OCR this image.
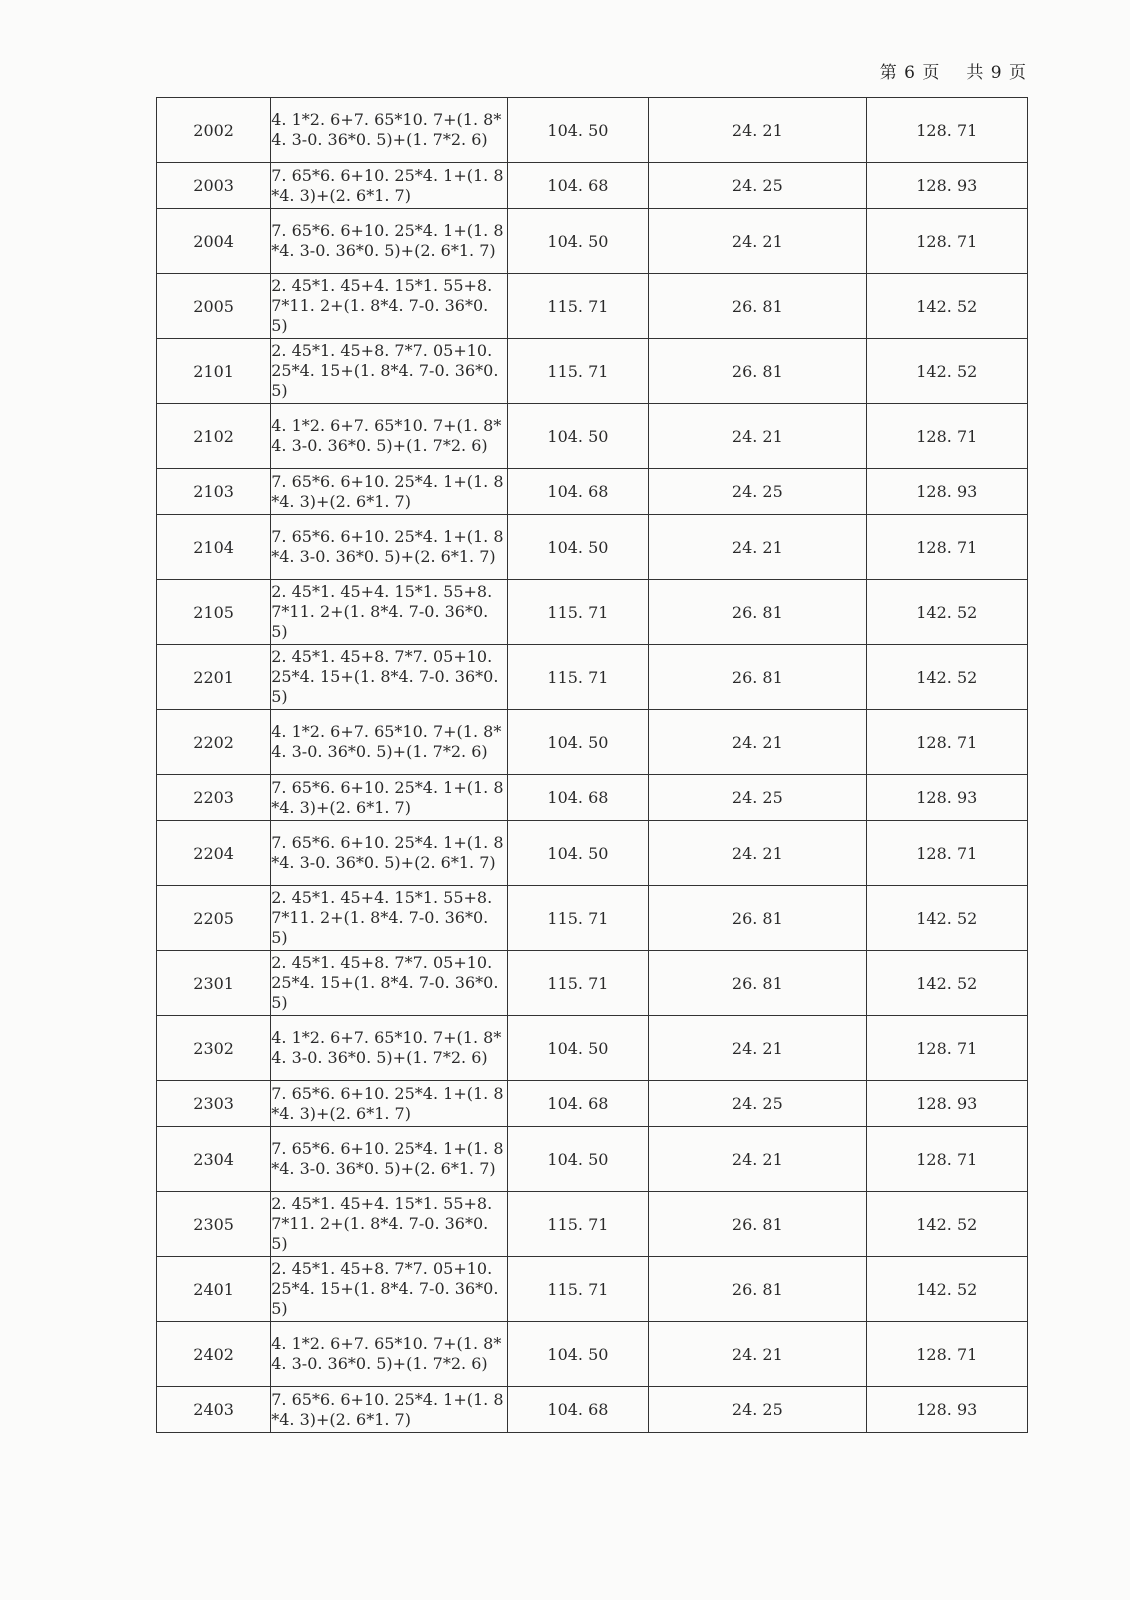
第 6 页 共 9 页
2002	4. 1*2. 6+7. 65*10. 7+(1. 8*4. 3-0. 36*0. 5)+(1. 7*2. 6)	104. 50	24. 21	128. 71
2003	7. 65*6. 6+10. 25*4. 1+(1. 8*4. 3)+(2. 6*1. 7)	104. 68	24. 25	128. 93
2004	7. 65*6. 6+10. 25*4. 1+(1. 8*4. 3-0. 36*0. 5)+(2. 6*1. 7)	104. 50	24. 21	128. 71
2005	2. 45*1. 45+4. 15*1. 55+8. 7*11. 2+(1. 8*4. 7-0. 36*0. 5)	115. 71	26. 81	142. 52
2101	2. 45*1. 45+8. 7*7. 05+10. 25*4. 15+(1. 8*4. 7-0. 36*0. 5)	115. 71	26. 81	142. 52
2102	4. 1*2. 6+7. 65*10. 7+(1. 8*4. 3-0. 36*0. 5)+(1. 7*2. 6)	104. 50	24. 21	128. 71
2103	7. 65*6. 6+10. 25*4. 1+(1. 8*4. 3)+(2. 6*1. 7)	104. 68	24. 25	128. 93
2104	7. 65*6. 6+10. 25*4. 1+(1. 8*4. 3-0. 36*0. 5)+(2. 6*1. 7)	104. 50	24. 21	128. 71
2105	2. 45*1. 45+4. 15*1. 55+8. 7*11. 2+(1. 8*4. 7-0. 36*0. 5)	115. 71	26. 81	142. 52
2201	2. 45*1. 45+8. 7*7. 05+10. 25*4. 15+(1. 8*4. 7-0. 36*0. 5)	115. 71	26. 81	142. 52
2202	4. 1*2. 6+7. 65*10. 7+(1. 8*4. 3-0. 36*0. 5)+(1. 7*2. 6)	104. 50	24. 21	128. 71
2203	7. 65*6. 6+10. 25*4. 1+(1. 8*4. 3)+(2. 6*1. 7)	104. 68	24. 25	128. 93
2204	7. 65*6. 6+10. 25*4. 1+(1. 8*4. 3-0. 36*0. 5)+(2. 6*1. 7)	104. 50	24. 21	128. 71
2205	2. 45*1. 45+4. 15*1. 55+8. 7*11. 2+(1. 8*4. 7-0. 36*0. 5)	115. 71	26. 81	142. 52
2301	2. 45*1. 45+8. 7*7. 05+10. 25*4. 15+(1. 8*4. 7-0. 36*0. 5)	115. 71	26. 81	142. 52
2302	4. 1*2. 6+7. 65*10. 7+(1. 8*4. 3-0. 36*0. 5)+(1. 7*2. 6)	104. 50	24. 21	128. 71
2303	7. 65*6. 6+10. 25*4. 1+(1. 8*4. 3)+(2. 6*1. 7)	104. 68	24. 25	128. 93
2304	7. 65*6. 6+10. 25*4. 1+(1. 8*4. 3-0. 36*0. 5)+(2. 6*1. 7)	104. 50	24. 21	128. 71
2305	2. 45*1. 45+4. 15*1. 55+8. 7*11. 2+(1. 8*4. 7-0. 36*0. 5)	115. 71	26. 81	142. 52
2401	2. 45*1. 45+8. 7*7. 05+10. 25*4. 15+(1. 8*4. 7-0. 36*0. 5)	115. 71	26. 81	142. 52
2402	4. 1*2. 6+7. 65*10. 7+(1. 8*4. 3-0. 36*0. 5)+(1. 7*2. 6)	104. 50	24. 21	128. 71
2403	7. 65*6. 6+10. 25*4. 1+(1. 8*4. 3)+(2. 6*1. 7)	104. 68	24. 25	128. 93
